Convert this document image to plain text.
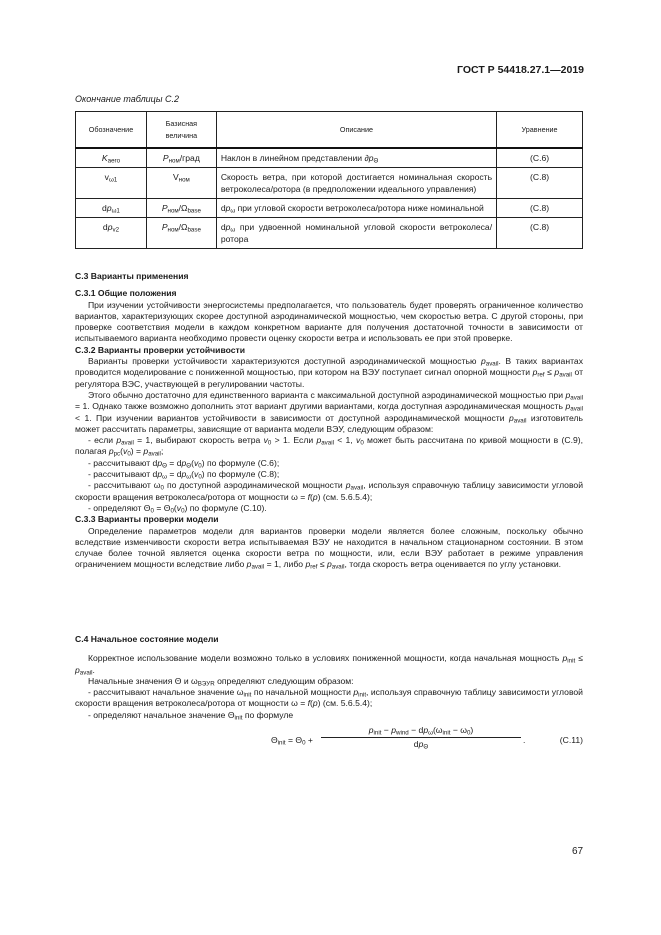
ГОСТ Р 54418.27.1—2019
Окончание таблицы С.2
Обозначение	Базисная величина	Описание	Уравнение
$K_{aero}$	$P_{ном}$/град	Наклон в линейном представлении $\partial p_\Theta$	(С.6)
$v_{\omega 1}$	$V_{ном}$	Скорость ветра, при которой достигается номинальная скорость ветроколеса/ротора (в предположении идеального управления)	(С.8)
$dp_{\omega 1}$	$P_{ном}/\Omega_{base}$	$dp_\omega$ при угловой скорости ветроколеса/ротора ниже номинальной	(С.8)
$dp_{v2}$	$P_{ном}/\Omega_{base}$	$dp_\omega$ при удвоенной номинальной угловой скорости ветроколеса/ротора	(С.8)

С.3 Варианты применения

С.3.1 Общие положения

При изучении устойчивости энергосистемы предполагается, что пользователь будет проверять ограниченное количество вариантов, характеризующих скорее доступной аэродинамической мощностью, чем скоростью ветра. С другой стороны, при проверке соответствия модели в каждом конкретном варианте для получения достаточной точности в зависимости от испытываемого варианта необходимо провести оценку скорости ветра и использовать ее при этой проверке.

С.3.2 Варианты проверки устойчивости

Варианты проверки устойчивости характеризуются доступной аэродинамической мощностью $p_{avail}$. В таких вариантах проводится моделирование с пониженной мощностью, при котором на ВЭУ поступает сигнал опорной мощности $p_{ref} \le p_{avail}$ от регулятора ВЭС, участвующей в регулировании частоты.

Этого обычно достаточно для единственного варианта с максимальной доступной аэродинамической мощностью при $p_{avail} = 1$. Однако также возможно дополнить этот вариант другими вариантами, когда доступная аэродинамическая мощность $p_{avail} < 1$. При изучении вариантов устойчивости в зависимости от доступной аэродинамической мощности $p_{avail}$ изготовитель может рассчитать параметры, зависящие от варианта модели ВЭУ, следующим образом:

- если $p_{avail} = 1$, выбирают скорость ветра $v_0 > 1$. Если $p_{avail} < 1$, $v_0$ может быть рассчитана по кривой мощности в (С.9), полагая $p_{pc}(v_0) = p_{avail}$;

- рассчитывают $dp_\Theta = dp_\Theta(v_0)$ по формуле (С.6);

- рассчитывают $dp_\omega = dp_\omega(v_0)$ по формуле (С.8);

- рассчитывают $\omega_0$ по доступной аэродинамической мощности $p_{avail}$, используя справочную таблицу зависимости угловой скорости вращения ветроколеса/ротора от мощности ω = f(p) (см. 5.6.5.4);

- определяют $\Theta_0 = \Theta_0(v_0)$ по формуле (С.10).

С.3.3 Варианты проверки модели

Определение параметров модели для вариантов проверки модели является более сложным, поскольку обычно вследствие изменчивости скорости ветра испытываемая ВЭУ не находится в начальном стационарном состоянии. В этом случае более точной является оценка скорости ветра по мощности, или, если ВЭУ работает в режиме управления ограничением мощности вследствие либо $p_{avail} = 1$, либо $p_{ref} \le p_{avail}$, тогда скорость ветра оценивается по углу установки.

С.4 Начальное состояние модели

Корректное использование модели возможно только в условиях пониженной мощности, когда начальная мощность $p_{init} \le p_{avail}$.

Начальные значения Θ и $\omega_{ВЭУR}$ определяют следующим образом:

- рассчитывают начальное значение $\omega_{init}$ по начальной мощности $p_{init}$, используя справочную таблицу зависимости угловой скорости вращения ветроколеса/ротора от мощности ω = f(p) (см. 5.6.5.4);

- определяют начальное значение $\Theta_{init}$ по формуле

$\Theta_{init} = \Theta_0$ +
$p_{init} - p_{wind} - dp_\omega(\omega_{init} - \omega_0)$
$dp_\Theta$
.	(С.11)
67
